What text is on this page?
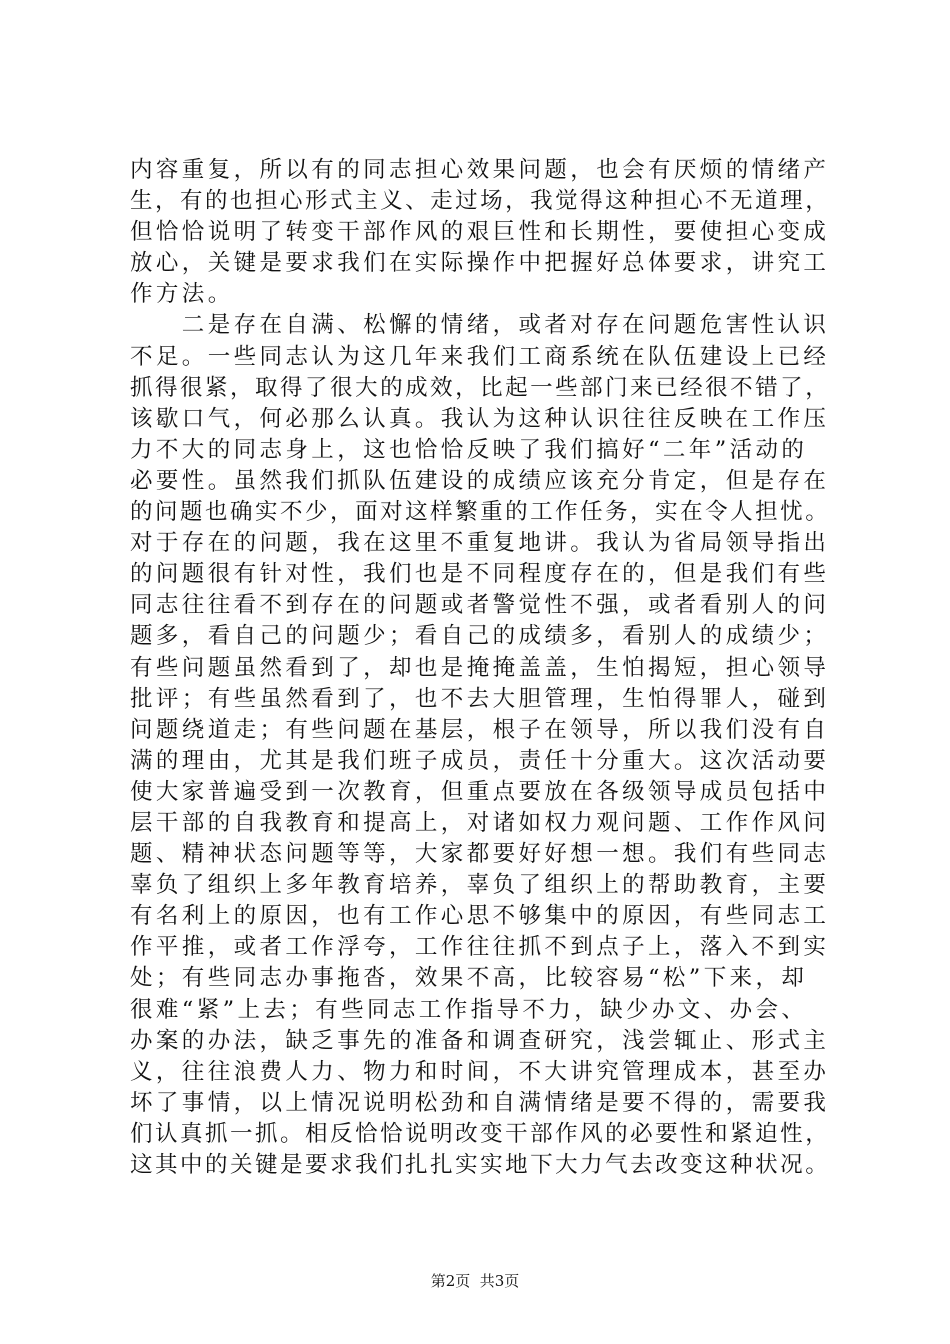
内容重复，所以有的同志担心效果问题，也会有厌烦的情绪产
生，有的也担心形式主义、走过场，我觉得这种担心不无道理，
但恰恰说明了转变干部作风的艰巨性和长期性，要使担心变成
放心，关键是要求我们在实际操作中把握好总体要求，讲究工
作方法。
　　二是存在自满、松懈的情绪，或者对存在问题危害性认识
不足。一些同志认为这几年来我们工商系统在队伍建设上已经
抓得很紧，取得了很大的成效，比起一些部门来已经很不错了，
该歇口气，何必那么认真。我认为这种认识往往反映在工作压
力不大的同志身上，这也恰恰反映了我们搞好“二年”活动的
必要性。虽然我们抓队伍建设的成绩应该充分肯定，但是存在
的问题也确实不少，面对这样繁重的工作任务，实在令人担忧。
对于存在的问题，我在这里不重复地讲。我认为省局领导指出
的问题很有针对性，我们也是不同程度存在的，但是我们有些
同志往往看不到存在的问题或者警觉性不强，或者看别人的问
题多，看自己的问题少；看自己的成绩多，看别人的成绩少；
有些问题虽然看到了，却也是掩掩盖盖，生怕揭短，担心领导
批评；有些虽然看到了，也不去大胆管理，生怕得罪人，碰到
问题绕道走；有些问题在基层，根子在领导，所以我们没有自
满的理由，尤其是我们班子成员，责任十分重大。这次活动要
使大家普遍受到一次教育，但重点要放在各级领导成员包括中
层干部的自我教育和提高上，对诸如权力观问题、工作作风问
题、精神状态问题等等，大家都要好好想一想。我们有些同志
辜负了组织上多年教育培养，辜负了组织上的帮助教育，主要
有名利上的原因，也有工作心思不够集中的原因，有些同志工
作平推，或者工作浮夸，工作往往抓不到点子上，落入不到实
处；有些同志办事拖沓，效果不高，比较容易“松”下来，却
很难“紧”上去；有些同志工作指导不力，缺少办文、办会、
办案的办法，缺乏事先的准备和调查研究，浅尝辄止、形式主
义，往往浪费人力、物力和时间，不大讲究管理成本，甚至办
坏了事情，以上情况说明松劲和自满情绪是要不得的，需要我
们认真抓一抓。相反恰恰说明改变干部作风的必要性和紧迫性，
这其中的关键是要求我们扎扎实实地下大力气去改变这种状况。
第2页  共3页
